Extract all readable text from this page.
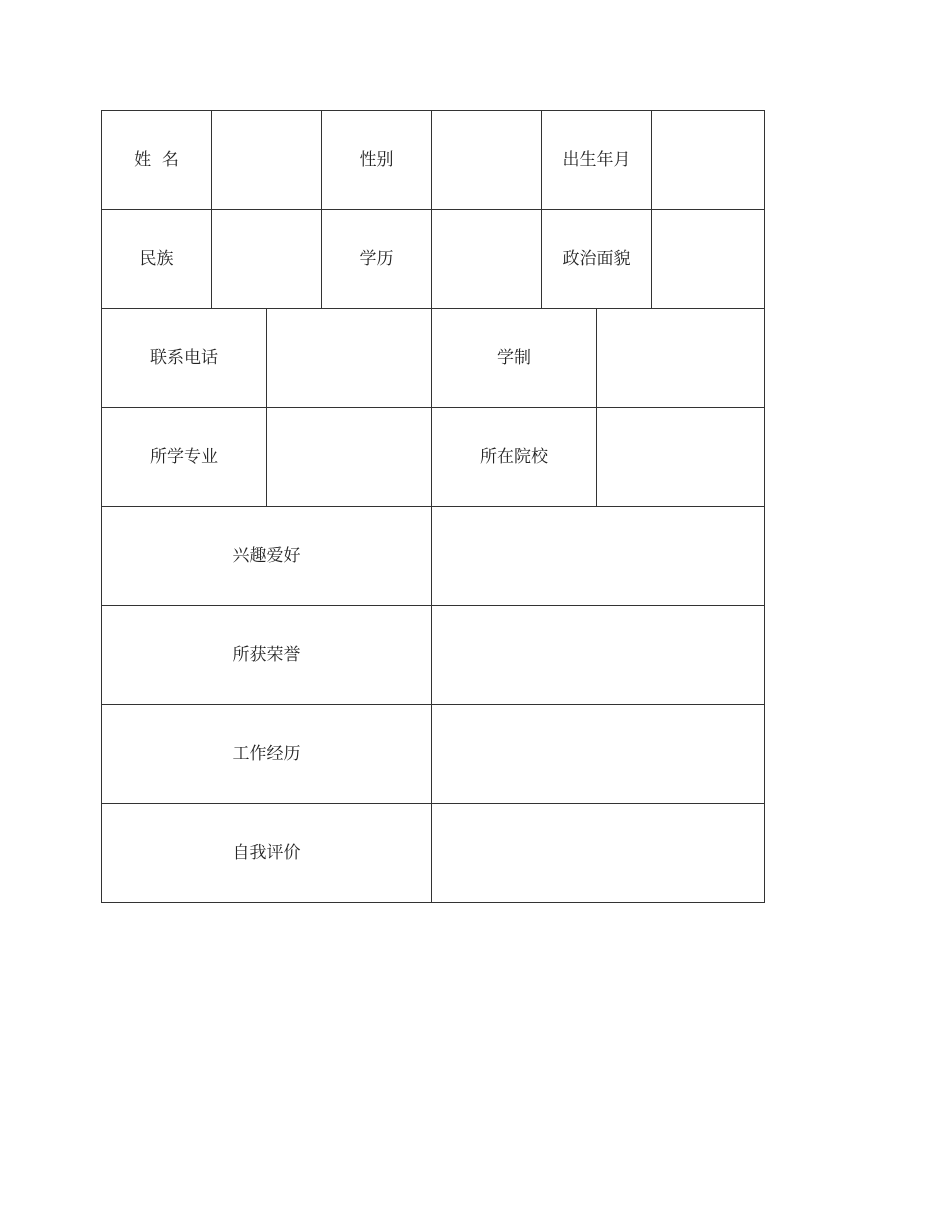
姓  名			性别		出生年月		
民族			学历		政治面貌		
联系电话				学制			
所学专业				所在院校			
兴趣爱好							
所获荣誉							
工作经历							
自我评价							
